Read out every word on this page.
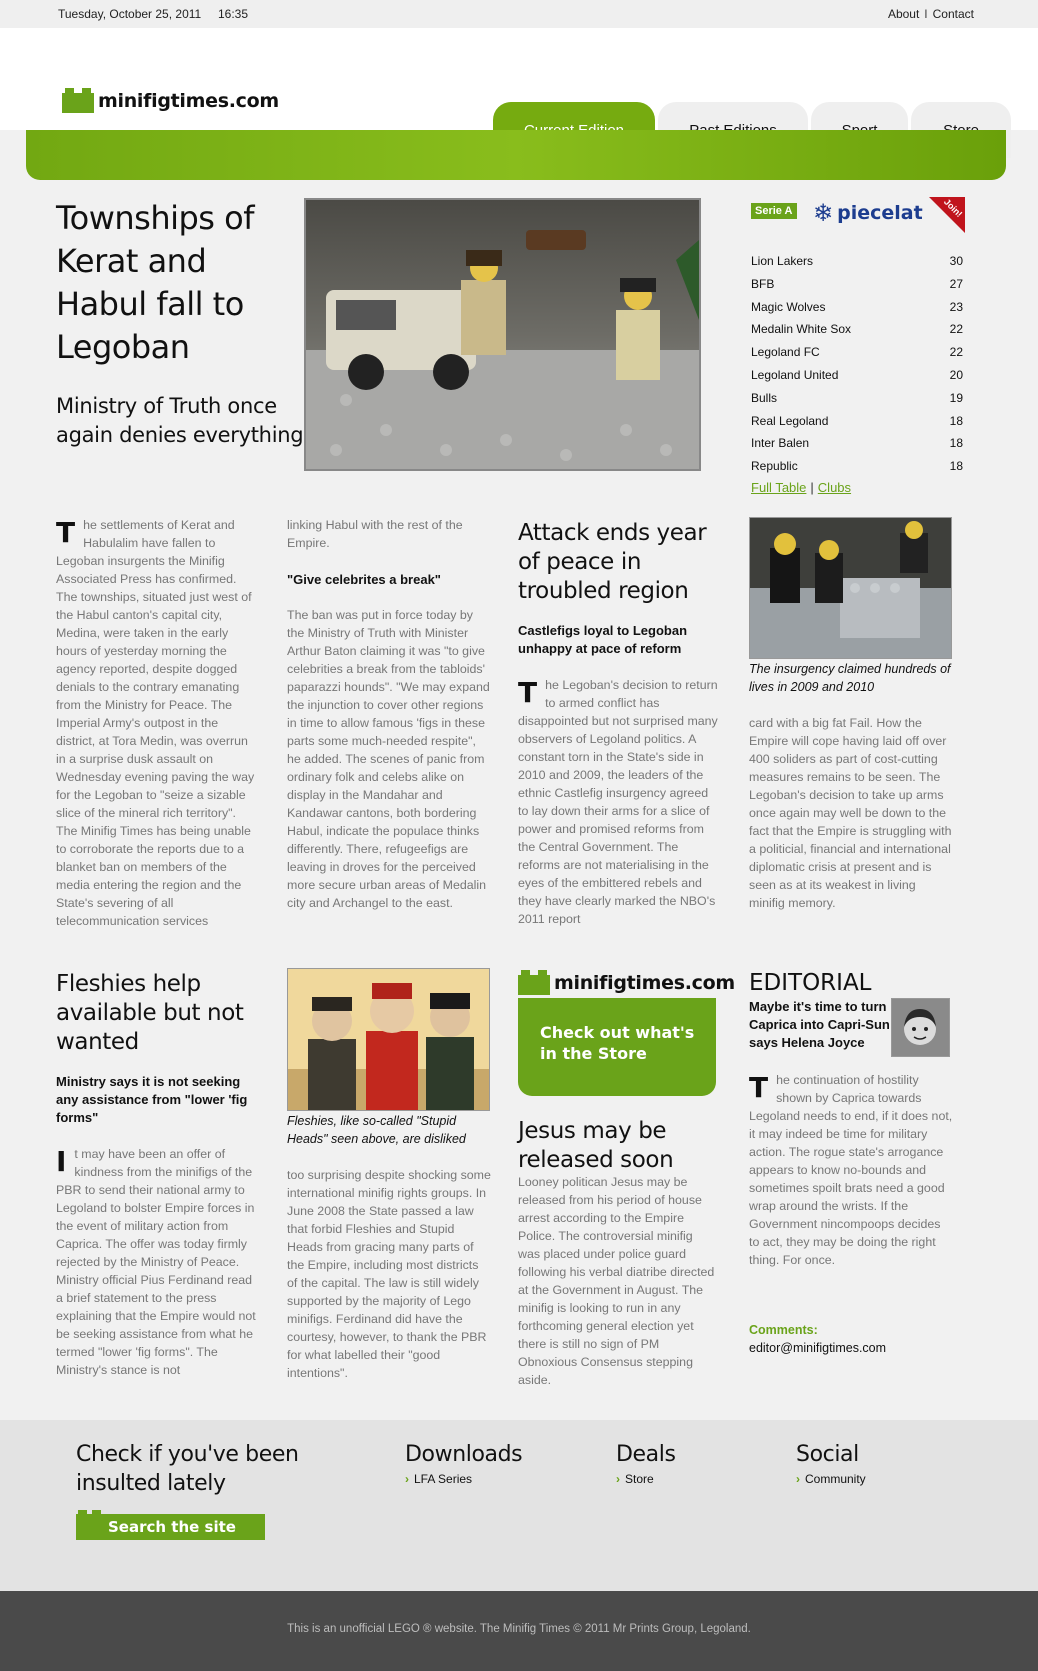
Tuesday, October 25, 2011 16:35	About I Contact
minifigtimes.com
Townships of Kerat and Habul fall to Legoban
Ministry of Truth once again denies everything
The settlements of Kerat and Habulalim have fallen to Legoban insurgents the Minifig Associated Press has confirmed. The townships, situated just west of the Habul canton's capital city, Medina, were taken in the early hours of yesterday morning the agency reported, despite dogged denials to the contrary emanating from the Ministry for Peace. The Imperial Army's outpost in the district, at Tora Medin, was overrun in a surprise dusk assault on Wednesday evening paving the way for the Legoban to "seize a sizable slice of the mineral rich territory". The Minifig Times has being unable to corroborate the reports due to a blanket ban on members of the media entering the region and the State's severing of all telecommunication services
linking Habul with the rest of the Empire.
"Give celebrites a break"
The ban was put in force today by the Ministry of Truth with Minister Arthur Baton claiming it was "to give celebrities a break from the tabloids' paparazzi hounds". "We may expand the injunction to cover other regions in time to allow famous 'figs in these parts some much-needed respite", he added. The scenes of panic from ordinary folk and celebs alike on display in the Mandahar and Kandawar cantons, both bordering Habul, indicate the populace thinks differently. There, refugeefigs are leaving in droves for the perceived more secure urban areas of Medalin city and Archangel to the east.
Serie A ❄ piecelat Join!
Lion Lakers	30
BFB	27
Magic Wolves	23
Medalin White Sox	22
Legoland FC	22
Legoland United	20
Bulls	19
Real Legoland	18
Inter Balen	18
Republic	18
Full Table | Clubs
Attack ends year of peace in troubled region
Castlefigs loyal to Legoban unhappy at pace of reform
The Legoban's decision to return to armed conflict has disappointed but not surprised many observers of Legoland politics. A constant torn in the State's side in 2010 and 2009, the leaders of the ethnic Castlefig insurgency agreed to lay down their arms for a slice of power and promised reforms from the Central Government. The reforms are not materialising in the eyes of the embittered rebels and they have clearly marked the NBO's 2011 report
The insurgency claimed hundreds of lives in 2009 and 2010
card with a big fat Fail. How the Empire will cope having laid off over 400 soliders as part of cost-cutting measures remains to be seen. The Legoban's decision to take up arms once again may well be down to the fact that the Empire is struggling with a politicial, financial and international diplomatic crisis at present and is seen as at its weakest in living minifig memory.
Fleshies help available but not wanted
Ministry says it is not seeking any assistance from "lower 'fig forms"
It may have been an offer of kindness from the minifigs of the PBR to send their national army to Legoland to bolster Empire forces in the event of military action from Caprica. The offer was today firmly rejected by the Ministry of Peace. Ministry official Pius Ferdinand read a brief statement to the press explaining that the Empire would not be seeking assistance from what he termed "lower 'fig forms". The Ministry's stance is not
Fleshies, like so-called "Stupid Heads" seen above, are disliked
too surprising despite shocking some international minifig rights groups. In June 2008 the State passed a law that forbid Fleshies and Stupid Heads from gracing many parts of the Empire, including most districts of the capital. The law is still widely supported by the majority of Lego minifigs. Ferdinand did have the courtesy, however, to thank the PBR for what labelled their "good intentions".
minifigtimes.com
Check out what's in the Store
Jesus may be released soon
Looney politican Jesus may be released from his period of house arrest according to the Empire Police. The controversial minifig was placed under police guard following his verbal diatribe directed at the Government in August. The minifig is looking to run in any forthcoming general election yet there is still no sign of PM Obnoxious Consensus stepping aside.
EDITORIAL
Maybe it's time to turn Caprica into Capri-Sun says Helena Joyce
The continuation of hostility shown by Caprica towards Legoland needs to end, if it does not, it may indeed be time for military action. The rogue state's arrogance appears to know no-bounds and sometimes spoilt brats need a good wrap around the wrists. If the Government nincompoops decides to act, they may be doing the right thing. For once.
Comments:
editor@minifigtimes.com
Check if you've been insulted lately
Search the site
Downloads
› LFA Series
Deals
› Store
Social
› Community
This is an unofficial LEGO ® website. The Minifig Times © 2011 Mr Prints Group, Legoland.
